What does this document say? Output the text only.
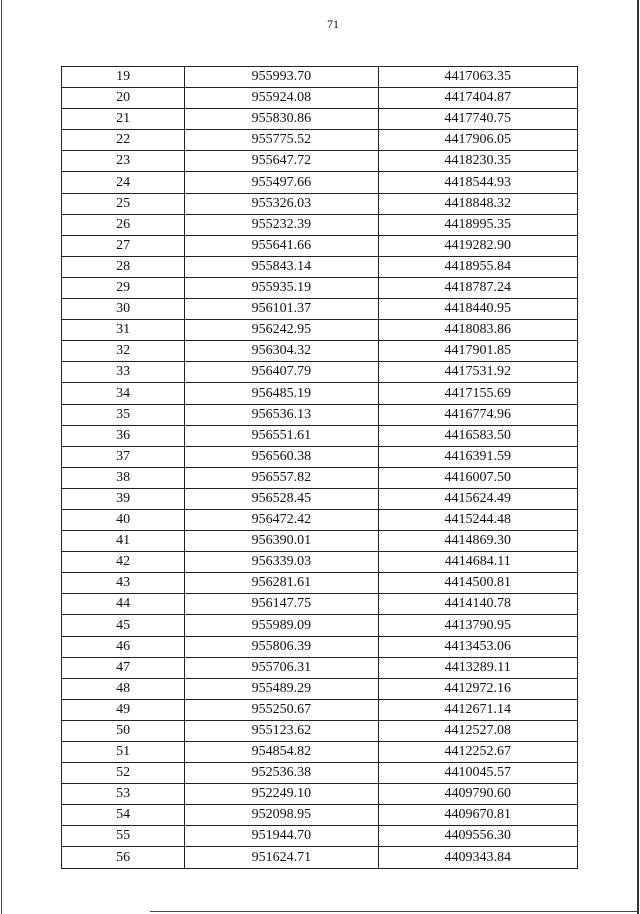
71
19	955993.70	4417063.35
20	955924.08	4417404.87
21	955830.86	4417740.75
22	955775.52	4417906.05
23	955647.72	4418230.35
24	955497.66	4418544.93
25	955326.03	4418848.32
26	955232.39	4418995.35
27	955641.66	4419282.90
28	955843.14	4418955.84
29	955935.19	4418787.24
30	956101.37	4418440.95
31	956242.95	4418083.86
32	956304.32	4417901.85
33	956407.79	4417531.92
34	956485.19	4417155.69
35	956536.13	4416774.96
36	956551.61	4416583.50
37	956560.38	4416391.59
38	956557.82	4416007.50
39	956528.45	4415624.49
40	956472.42	4415244.48
41	956390.01	4414869.30
42	956339.03	4414684.11
43	956281.61	4414500.81
44	956147.75	4414140.78
45	955989.09	4413790.95
46	955806.39	4413453.06
47	955706.31	4413289.11
48	955489.29	4412972.16
49	955250.67	4412671.14
50	955123.62	4412527.08
51	954854.82	4412252.67
52	952536.38	4410045.57
53	952249.10	4409790.60
54	952098.95	4409670.81
55	951944.70	4409556.30
56	951624.71	4409343.84
